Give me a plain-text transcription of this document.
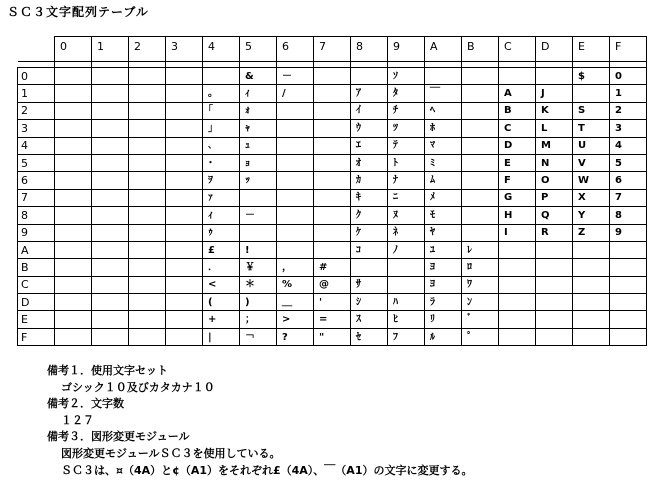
ＳＣ３文字配列テーブル
	0	1	2	3	4	5	6	7	8	9	A	B	C	D	E	F

0						&	－			ｿ					$	0
1					｡	ｨ	/		ｱ	ﾀ	￣		A	J		1
2					｢	ｫ			ｲ	ﾁ	ﾍ		B	K	S	2
3					｣	ｬ			ｳ	ﾂ	ﾎ		C	L	T	3
4					､	ｭ			ｴ	ﾃ	ﾏ		D	M	U	4
5					･	ｮ			ｵ	ﾄ	ﾐ		E	N	V	5
6					ｦ	ｯ			ｶ	ﾅ	ﾑ		F	O	W	6
7					ｧ				ｷ	ﾆ	ﾒ		G	P	X	7
8					ｨ	－			ｸ	ﾇ	ﾓ		H	Q	Y	8
9					ｩ				ｹ	ﾈ	ﾔ		I	R	Z	9
A					£	!			ｺ	ﾉ	ﾕ	ﾚ				
B					．	￥	，	#			ﾖ	ﾛ				
C					<	＊	%	@	ｻ		ﾖ	ﾜ				
D					(	)	＿	'	ｼ	ﾊ	ﾗ	ﾝ				
E					+	；	>	=	ｽ	ﾋ	ﾘ	ﾞ				
F					|	￢	?	"	ｾ	ﾌ	ﾙ	ﾟ				
備考１．使用文字セット
ゴシック１０及びカタカナ１０
備考２．文字数
１２７
備考３．図形変更モジュール
図形変更モジュールＳＣ３を使用している。
ＳＣ３は、¤（4A）と¢（A1）をそれぞれ£（4A）、￣（A1）の文字に変更する。
